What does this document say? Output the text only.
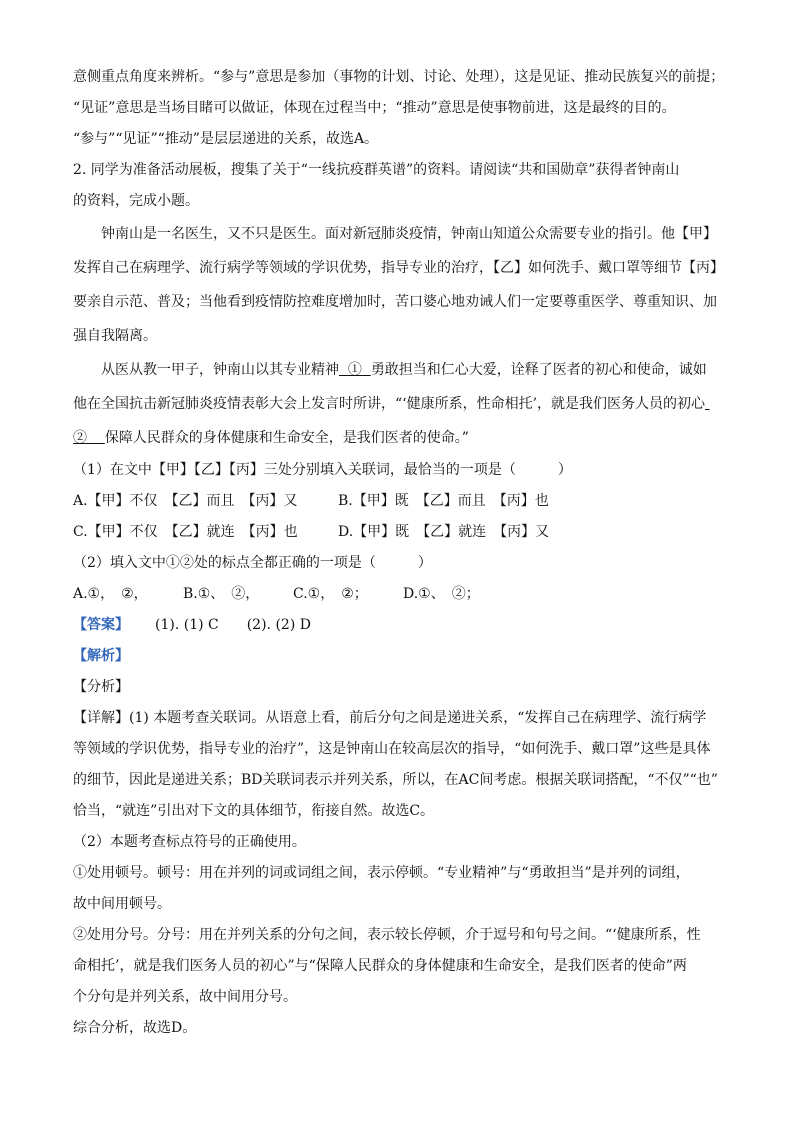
意侧重点角度来辨析。“参与”意思是参加（事物的计划、讨论、处理），这是见证、推动民族复兴的前提；
“见证”意思是当场目睹可以做证，体现在过程当中；“推动”意思是使事物前进，这是最终的目的。
“参与”“见证”“推动”是层层递进的关系，故选A。
2. 同学为准备活动展板，搜集了关于“一线抗疫群英谱”的资料。请阅读“共和国勋章”获得者钟南山
的资料，完成小题。
钟南山是一名医生，又不只是医生。面对新冠肺炎疫情，钟南山知道公众需要专业的指引。他【甲】
发挥自己在病理学、流行病学等领域的学识优势，指导专业的治疗，【乙】如何洗手、戴口罩等细节【丙】
要亲自示范、普及；当他看到疫情防控难度增加时，苦口婆心地劝诫人们一定要尊重医学、尊重知识、加
强自我隔离。
从医从教一甲子，钟南山以其专业精神 ① 勇敢担当和仁心大爱，诠释了医者的初心和使命，诚如
他在全国抗击新冠肺炎疫情表彰大会上发言时所讲，“‘健康所系，性命相托’，就是我们医务人员的初心
② 保障人民群众的身体健康和生命安全，是我们医者的使命。”
（1）在文中【甲】【乙】【丙】三处分别填入关联词，最恰当的一项是（　　　）
A.【甲】不仅　【乙】而且　【丙】又	B.【甲】既　【乙】而且　【丙】也
C.【甲】不仅　【乙】就连　【丙】也	D.【甲】既　【乙】就连　【丙】又
（2）填入文中①②处的标点全都正确的一项是（　　　）
A.①，　②，	B.①、　②， C.①，　②；	D.①、　②；
【答案】 (1). (1) C　　(2). (2) D
【解析】
【分析】
【详解】(1) 本题考查关联词。从语意上看，前后分句之间是递进关系，“发挥自己在病理学、流行病学
等领域的学识优势，指导专业的治疗”，这是钟南山在较高层次的指导，“如何洗手、戴口罩”这些是具体
的细节，因此是递进关系；BD关联词表示并列关系，所以，在AC间考虑。根据关联词搭配，“不仅”“也”
恰当，“就连”引出对下文的具体细节，衔接自然。故选C。
（2）本题考查标点符号的正确使用。
①处用顿号。顿号：用在并列的词或词组之间，表示停顿。“专业精神”与“勇敢担当”是并列的词组，
故中间用顿号。
②处用分号。分号：用在并列关系的分句之间，表示较长停顿，介于逗号和句号之间。“‘健康所系，性
命相托’，就是我们医务人员的初心”与“保障人民群众的身体健康和生命安全，是我们医者的使命”两
个分句是并列关系，故中间用分号。
综合分析，故选D。
